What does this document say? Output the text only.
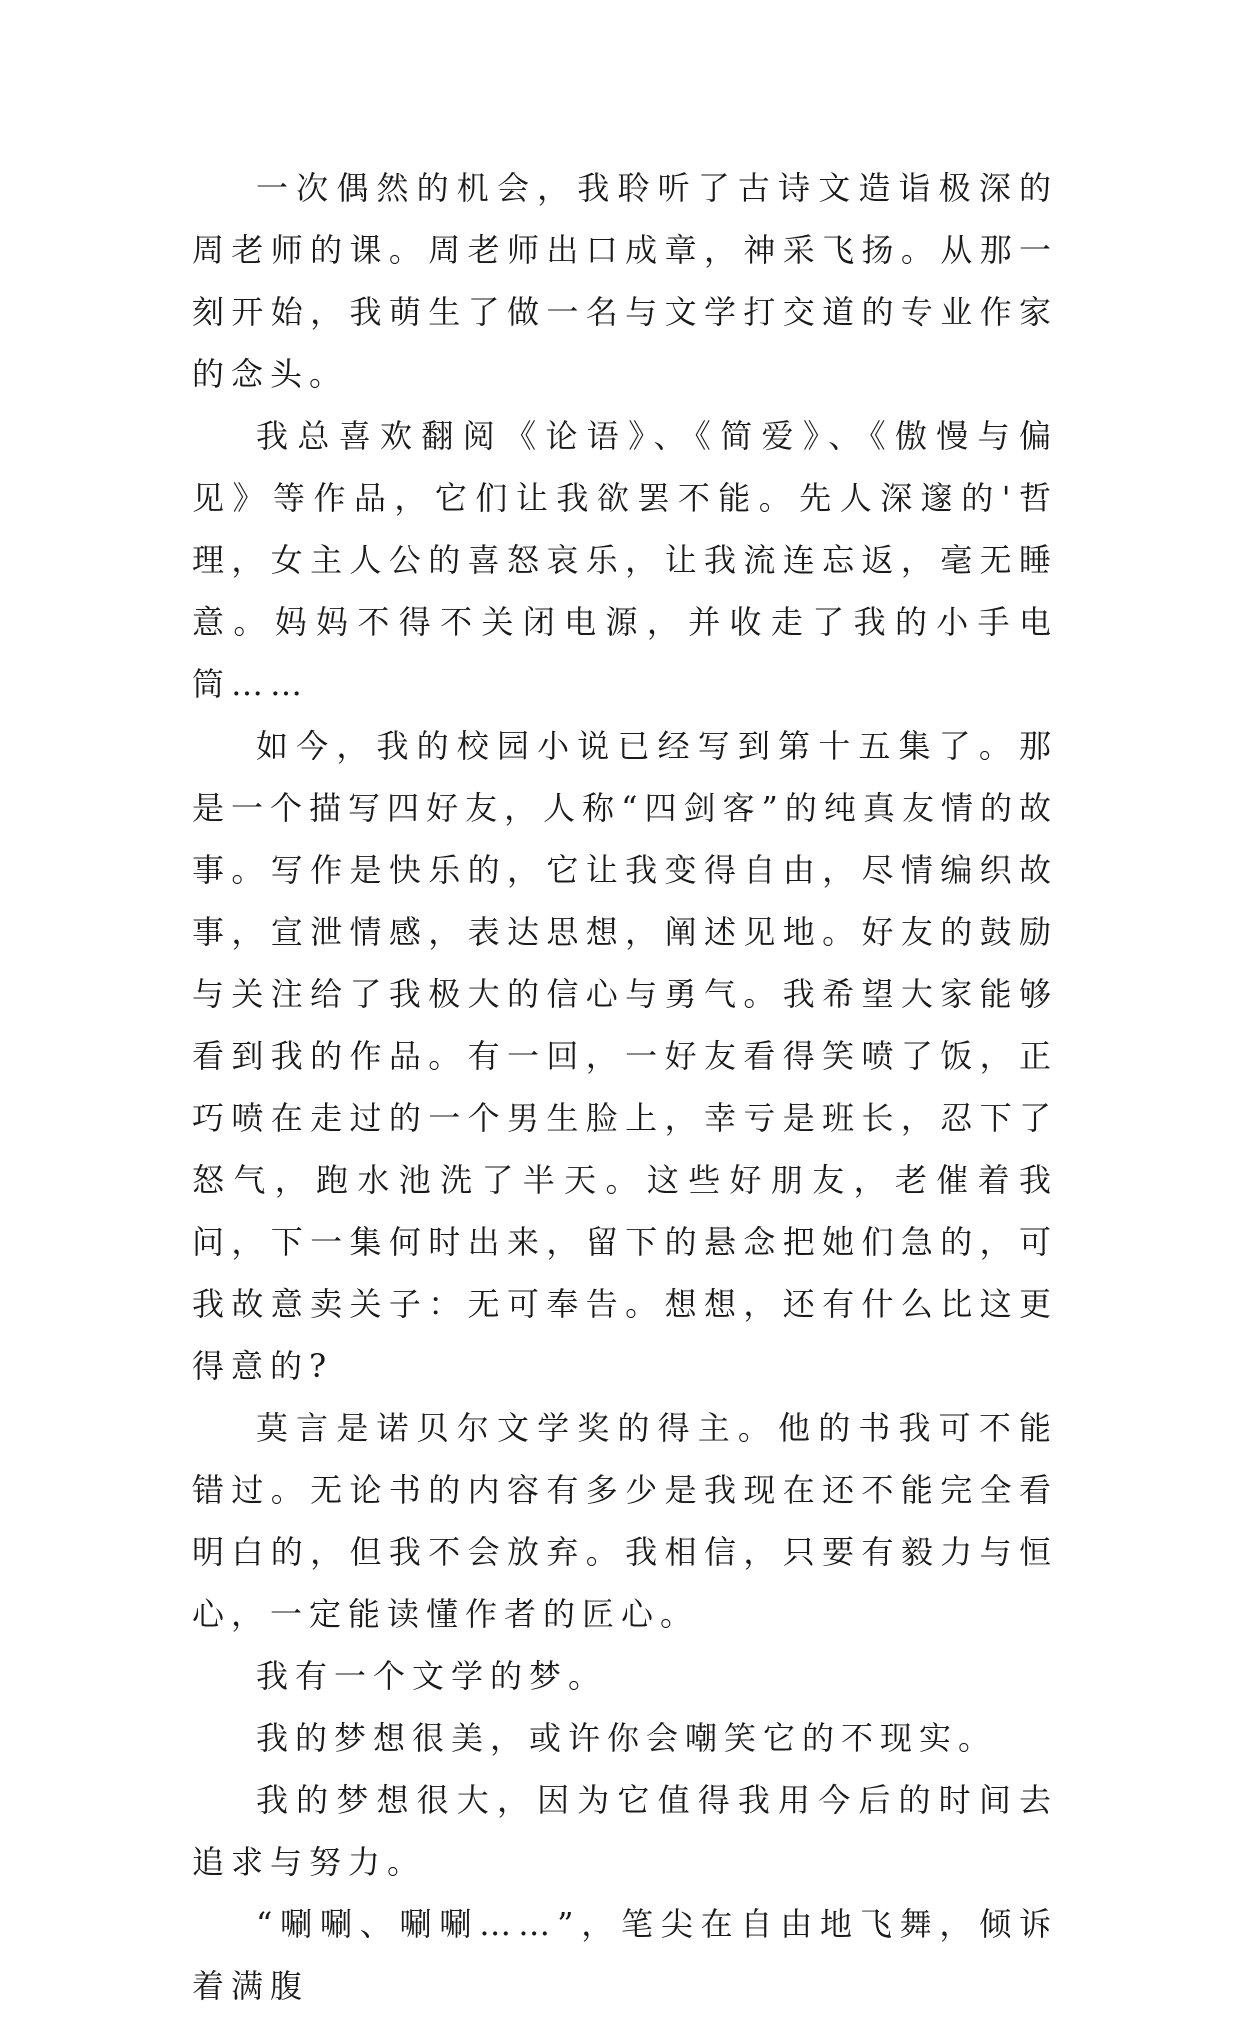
一次偶然的机会，我聆听了古诗文造诣极深的周老师的课。周老师出口成章，神采飞扬。从那一刻开始，我萌生了做一名与文学打交道的专业作家的念头。

我总喜欢翻阅《论语》、《简爱》、《傲慢与偏见》等作品，它们让我欲罢不能。先人深邃的'哲理，女主人公的喜怒哀乐，让我流连忘返，毫无睡意。妈妈不得不关闭电源，并收走了我的小手电筒……

如今，我的校园小说已经写到第十五集了。那是一个描写四好友，人称“四剑客”的纯真友情的故事。写作是快乐的，它让我变得自由，尽情编织故事，宣泄情感，表达思想，阐述见地。好友的鼓励与关注给了我极大的信心与勇气。我希望大家能够看到我的作品。有一回，一好友看得笑喷了饭，正巧喷在走过的一个男生脸上，幸亏是班长，忍下了怒气，跑水池洗了半天。这些好朋友，老催着我问，下一集何时出来，留下的悬念把她们急的，可我故意卖关子：无可奉告。想想，还有什么比这更得意的?

莫言是诺贝尔文学奖的得主。他的书我可不能错过。无论书的内容有多少是我现在还不能完全看明白的，但我不会放弃。我相信，只要有毅力与恒心，一定能读懂作者的匠心。

我有一个文学的梦。

我的梦想很美，或许你会嘲笑它的不现实。

我的梦想很大，因为它值得我用今后的时间去追求与努力。

“唰唰、唰唰……”，笔尖在自由地飞舞，倾诉着满腹
